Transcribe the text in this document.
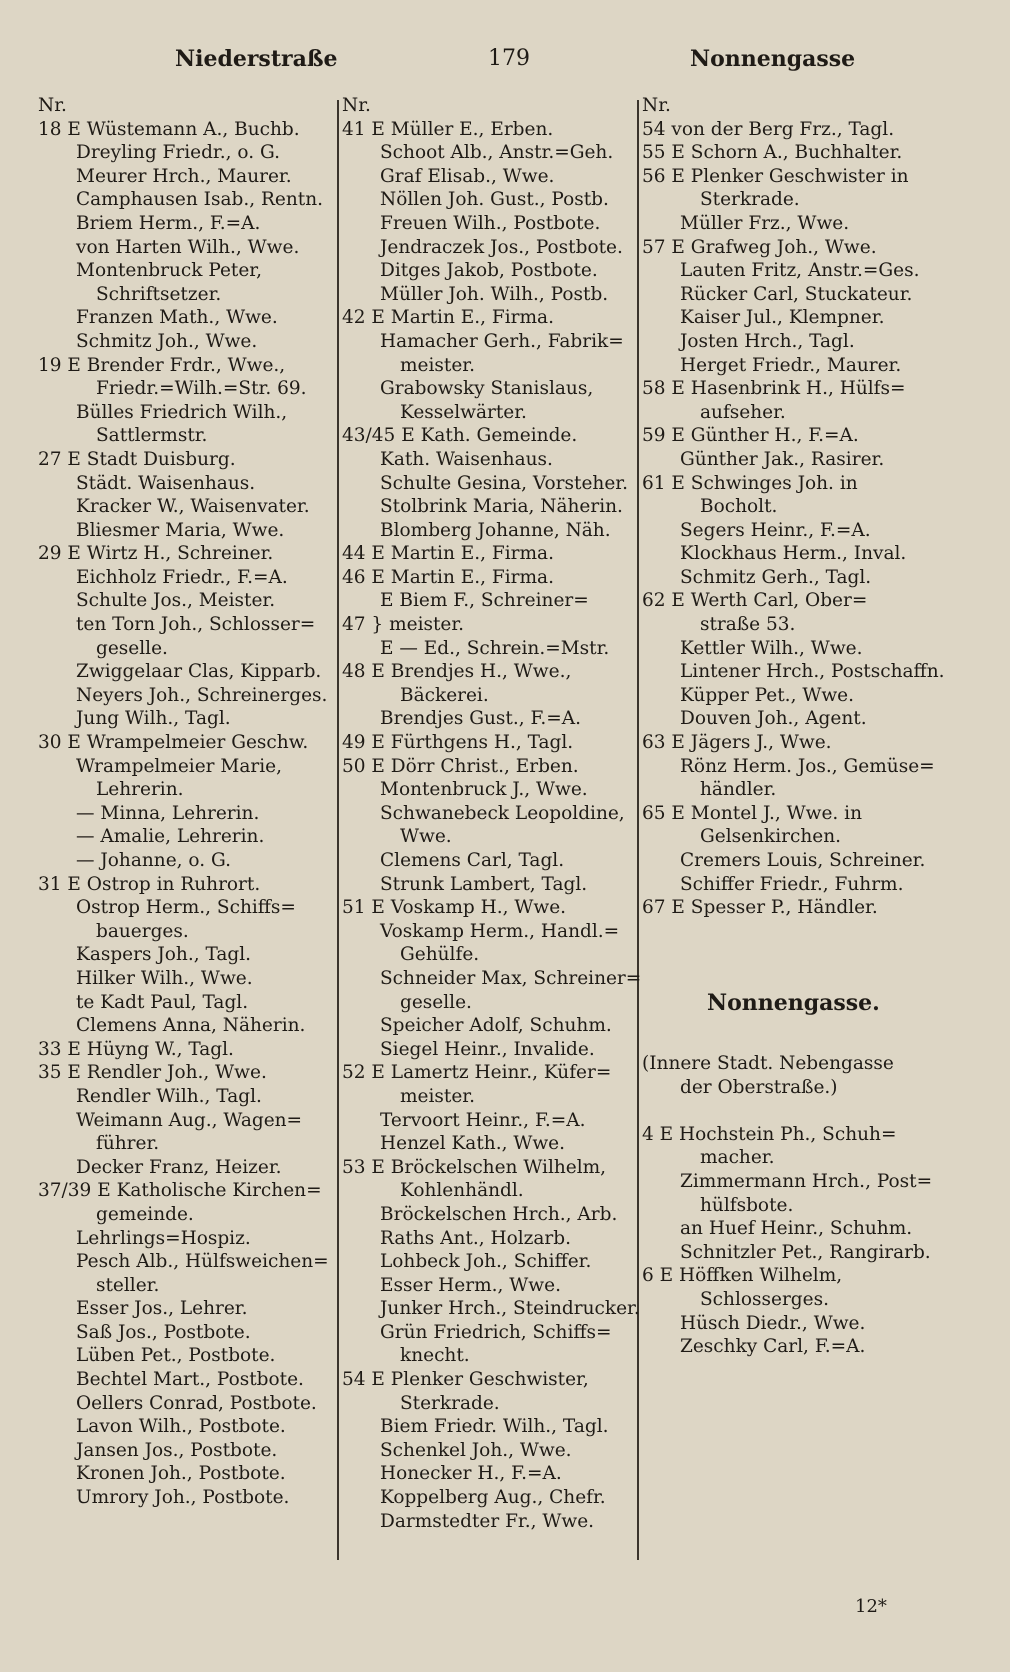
Niederstraße	179	Nonnengasse
Nr.
18 E Wüstemann A., Buchb.
Dreyling Friedr., o. G.
Meurer Hrch., Maurer.
Camphausen Isab., Rentn.
Briem Herm., F.=A.
von Harten Wilh., Wwe.
Montenbruck Peter,
Schriftsetzer.
Franzen Math., Wwe.
Schmitz Joh., Wwe.
19 E Brender Frdr., Wwe.,
Friedr.=Wilh.=Str. 69.
Bülles Friedrich Wilh.,
Sattlermstr.
27 E Stadt Duisburg.
Städt. Waisenhaus.
Kracker W., Waisenvater.
Bliesmer Maria, Wwe.
29 E Wirtz H., Schreiner.
Eichholz Friedr., F.=A.
Schulte Jos., Meister.
ten Torn Joh., Schlosser=
geselle.
Zwiggelaar Clas, Kipparb.
Neyers Joh., Schreinerges.
Jung Wilh., Tagl.
30 E Wrampelmeier Geschw.
Wrampelmeier Marie,
Lehrerin.
— Minna, Lehrerin.
— Amalie, Lehrerin.
— Johanne, o. G.
31 E Ostrop in Ruhrort.
Ostrop Herm., Schiffs=
bauerges.
Kaspers Joh., Tagl.
Hilker Wilh., Wwe.
te Kadt Paul, Tagl.
Clemens Anna, Näherin.
33 E Hüyng W., Tagl.
35 E Rendler Joh., Wwe.
Rendler Wilh., Tagl.
Weimann Aug., Wagen=
führer.
Decker Franz, Heizer.
37/39 E Katholische Kirchen=
gemeinde.
Lehrlings=Hospiz.
Pesch Alb., Hülfsweichen=
steller.
Esser Jos., Lehrer.
Saß Jos., Postbote.
Lüben Pet., Postbote.
Bechtel Mart., Postbote.
Oellers Conrad, Postbote.
Lavon Wilh., Postbote.
Jansen Jos., Postbote.
Kronen Joh., Postbote.
Umrory Joh., Postbote.
Nr.
41 E Müller E., Erben.
Schoot Alb., Anstr.=Geh.
Graf Elisab., Wwe.
Nöllen Joh. Gust., Postb.
Freuen Wilh., Postbote.
Jendraczek Jos., Postbote.
Ditges Jakob, Postbote.
Müller Joh. Wilh., Postb.
42 E Martin E., Firma.
Hamacher Gerh., Fabrik=
meister.
Grabowsky Stanislaus,
Kesselwärter.
43/45 E Kath. Gemeinde.
Kath. Waisenhaus.
Schulte Gesina, Vorsteher.
Stolbrink Maria, Näherin.
Blomberg Johanne, Näh.
44 E Martin E., Firma.
46 E Martin E., Firma.
E Biem F., Schreiner=
47 } meister.
E — Ed., Schrein.=Mstr.
48 E Brendjes H., Wwe.,
Bäckerei.
Brendjes Gust., F.=A.
49 E Fürthgens H., Tagl.
50 E Dörr Christ., Erben.
Montenbruck J., Wwe.
Schwanebeck Leopoldine,
Wwe.
Clemens Carl, Tagl.
Strunk Lambert, Tagl.
51 E Voskamp H., Wwe.
Voskamp Herm., Handl.=
Gehülfe.
Schneider Max, Schreiner=
geselle.
Speicher Adolf, Schuhm.
Siegel Heinr., Invalide.
52 E Lamertz Heinr., Küfer=
meister.
Tervoort Heinr., F.=A.
Henzel Kath., Wwe.
53 E Bröckelschen Wilhelm,
Kohlenhändl.
Bröckelschen Hrch., Arb.
Raths Ant., Holzarb.
Lohbeck Joh., Schiffer.
Esser Herm., Wwe.
Junker Hrch., Steindrucker.
Grün Friedrich, Schiffs=
knecht.
54 E Plenker Geschwister,
Sterkrade.
Biem Friedr. Wilh., Tagl.
Schenkel Joh., Wwe.
Honecker H., F.=A.
Koppelberg Aug., Chefr.
Darmstedter Fr., Wwe.
Nr.
54 von der Berg Frz., Tagl.
55 E Schorn A., Buchhalter.
56 E Plenker Geschwister in
Sterkrade.
Müller Frz., Wwe.
57 E Grafweg Joh., Wwe.
Lauten Fritz, Anstr.=Ges.
Rücker Carl, Stuckateur.
Kaiser Jul., Klempner.
Josten Hrch., Tagl.
Herget Friedr., Maurer.
58 E Hasenbrink H., Hülfs=
aufseher.
59 E Günther H., F.=A.
Günther Jak., Rasirer.
61 E Schwinges Joh. in
Bocholt.
Segers Heinr., F.=A.
Klockhaus Herm., Inval.
Schmitz Gerh., Tagl.
62 E Werth Carl, Ober=
straße 53.
Kettler Wilh., Wwe.
Lintener Hrch., Postschaffn.
Küpper Pet., Wwe.
Douven Joh., Agent.
63 E Jägers J., Wwe.
Rönz Herm. Jos., Gemüse=
händler.
65 E Montel J., Wwe. in
Gelsenkirchen.
Cremers Louis, Schreiner.
Schiffer Friedr., Fuhrm.
67 E Spesser P., Händler.
Nonnengasse.
(Innere Stadt. Nebengasse
der Oberstraße.)
4 E Hochstein Ph., Schuh=
macher.
Zimmermann Hrch., Post=
hülfsbote.
an Huef Heinr., Schuhm.
Schnitzler Pet., Rangirarb.
6 E Höffken Wilhelm,
Schlosserges.
Hüsch Diedr., Wwe.
Zeschky Carl, F.=A.
12*
